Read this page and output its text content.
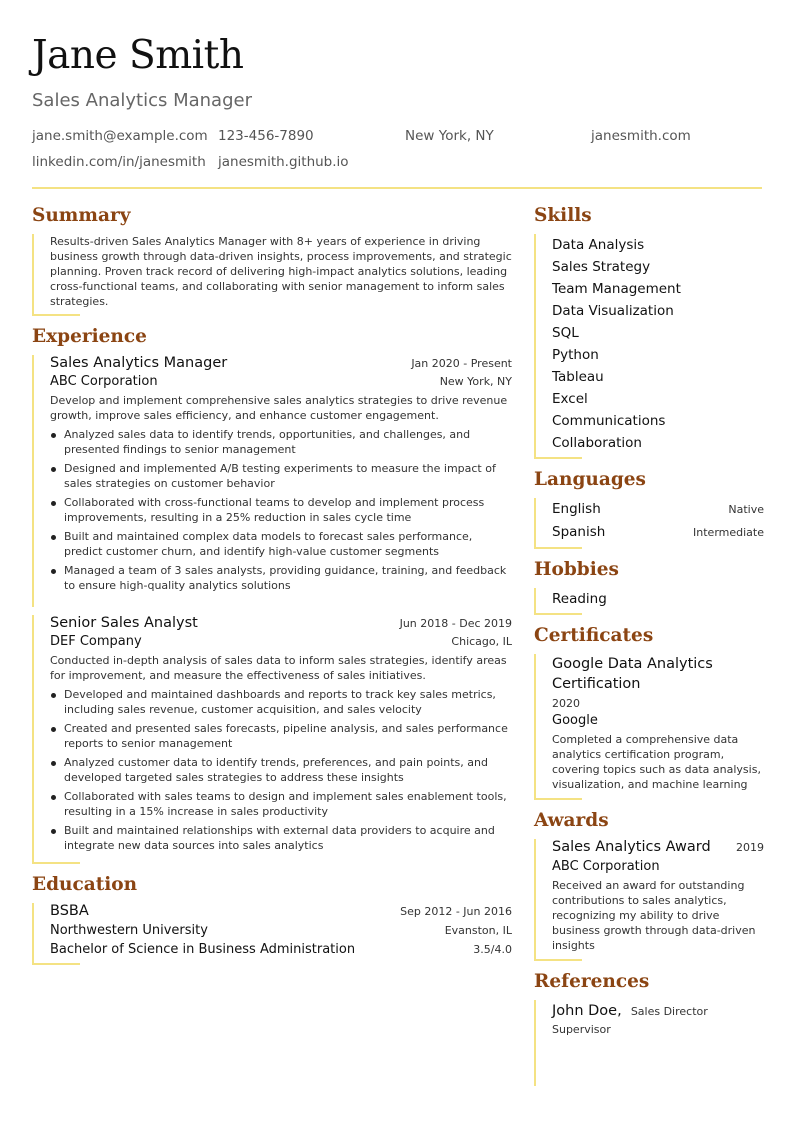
Jane Smith
Sales Analytics Manager
jane.smith@example.com 123-456-7890	New York, NY	janesmith.com
linkedin.com/in/janesmith janesmith.github.io
Summary
Results-driven Sales Analytics Manager with 8+ years of experience in driving business growth through data-driven insights, process improvements, and strategic planning. Proven track record of delivering high-impact analytics solutions, leading cross-functional teams, and collaborating with senior management to inform sales strategies.
Experience
Sales Analytics Manager	Jan 2020 - Present
ABC Corporation	New York, NY
Develop and implement comprehensive sales analytics strategies to drive revenue growth, improve sales efficiency, and enhance customer engagement.
Analyzed sales data to identify trends, opportunities, and challenges, and presented findings to senior management
Designed and implemented A/B testing experiments to measure the impact of sales strategies on customer behavior
Collaborated with cross-functional teams to develop and implement process improvements, resulting in a 25% reduction in sales cycle time
Built and maintained complex data models to forecast sales performance, predict customer churn, and identify high-value customer segments
Managed a team of 3 sales analysts, providing guidance, training, and feedback to ensure high-quality analytics solutions
Senior Sales Analyst	Jun 2018 - Dec 2019
DEF Company	Chicago, IL
Conducted in-depth analysis of sales data to inform sales strategies, identify areas for improvement, and measure the effectiveness of sales initiatives.
Developed and maintained dashboards and reports to track key sales metrics, including sales revenue, customer acquisition, and sales velocity
Created and presented sales forecasts, pipeline analysis, and sales performance reports to senior management
Analyzed customer data to identify trends, preferences, and pain points, and developed targeted sales strategies to address these insights
Collaborated with sales teams to design and implement sales enablement tools, resulting in a 15% increase in sales productivity
Built and maintained relationships with external data providers to acquire and integrate new data sources into sales analytics
Education
BSBA	Sep 2012 - Jun 2016
Northwestern University	Evanston, IL
Bachelor of Science in Business Administration	3.5/4.0
Skills
Data Analysis
Sales Strategy
Team Management
Data Visualization
SQL
Python
Tableau
Excel
Communications
Collaboration
Languages
English	Native
Spanish	Intermediate
Hobbies
Reading
Certificates
Google Data Analytics Certification
2020
Google
Completed a comprehensive data analytics certification program, covering topics such as data analysis, visualization, and machine learning
Awards
Sales Analytics Award 2019
ABC Corporation
Received an award for outstanding contributions to sales analytics, recognizing my ability to drive business growth through data-driven insights
References
John Doe, Sales Director
Supervisor
